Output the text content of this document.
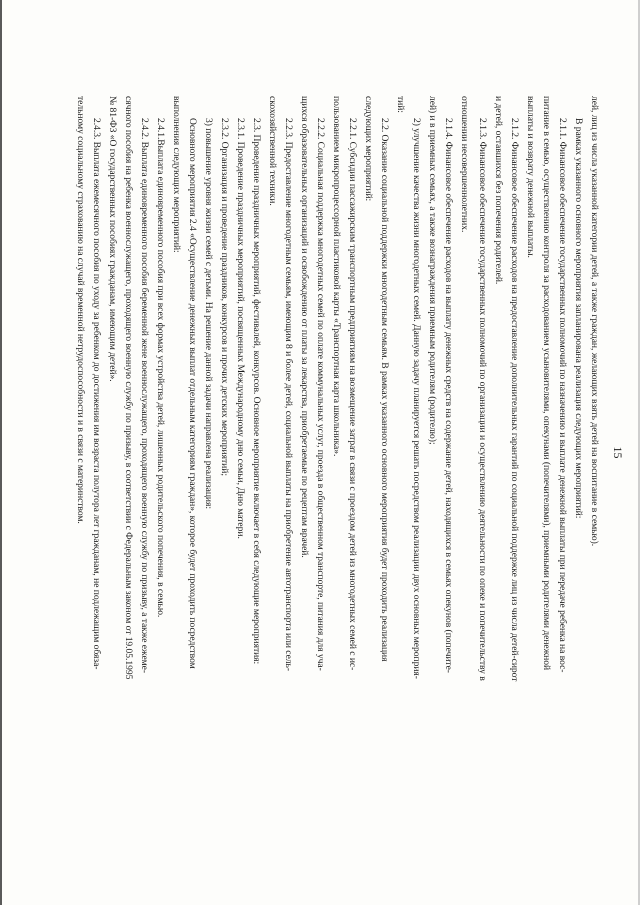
15
лей, лиц из числа указанной категории детей, а также граждан, желающих взять детей на воспитание в семью).
В рамках указанного основного мероприятия запланирована реализация следующих мероприятий:
2.1.1. Финансовое обеспечение государственных полномочий по назначению и выплате денежной выплаты при передаче ребенка на вос-
питание в семью, осуществлению контроля за расходованием усыновителями, опекунами (попечителями), приемными родителями денежной
выплаты и возврату денежной выплаты.
2.1.2. Финансовое обеспечение расходов на предоставление дополнительных гарантий по социальной поддержке лиц из числа детей-сирот
и детей, оставшихся без попечения родителей.
2.1.3. Финансовое обеспечение государственных полномочий по организации и осуществлению деятельности по опеке и попечительству в
отношении несовершеннолетних.
2.1.4. Финансовое обеспечение расходов на выплату денежных средств на содержание детей, находящихся в семьях опекунов (попечите-
лей) и в приемных семьях, а также вознаграждения приемным родителям (родителю);
2) улучшение качества жизни многодетных семей. Данную задачу планируется решать посредством реализации двух основных мероприя-
тий:
2.2. Оказание социальной поддержки многодетным семьям. В рамках указанного основного мероприятия будет проходить реализация
следующих мероприятий:
2.2.1. Субсидии пассажирским транспортным предприятиям на возмещение затрат в связи с проездом детей из многодетных семей с ис-
пользованием микропроцессорной пластиковой карты «Транспортная карта школьника».
2.2.2. Социальная поддержка многодетных семей по оплате коммунальных услуг, проезда в общественном транспорте, питания для уча-
щихся образовательных организаций и освобождению от платы за лекарства, приобретаемые по рецептам врачей.
2.2.3. Предоставление многодетным семьям, имеющим 8 и более детей, социальной выплаты на приобретение автотранспорта или сель-
скохозяйственной техники.
2.3. Проведение праздничных мероприятий, фестивалей, конкурсов. Основное мероприятие включает в себя следующие мероприятия:
2.3.1. Проведение праздничных мероприятий, посвященных Международному дню семьи, Дню матери.
2.3.2. Организация и проведение праздников, конкурсов и прочих детских мероприятий;
3) повышение уровня жизни семей с детьми. На решение данной задачи направлена реализация:
Основного мероприятия 2.4 «Осуществление денежных выплат отдельным категориям граждан», которое будет проходить посредством
выполнения следующих мероприятий:
2.4.1.Выплата единовременного пособия при всех формах устройства детей, лишенных родительского попечения, в семью.
2.4.2. Выплата единовременного пособия беременной жене военнослужащего, проходящего военную службу по призыву, а также ежеме-
сячного пособия на ребенка военнослужащего, проходящего военную службу по призыву, в соответствии с Федеральным законом от 19.05.1995
№ 81-ФЗ «О государственных пособиях гражданам, имеющим детей».
2.4.3. Выплата ежемесячного пособия по уходу за ребенком до достижения им возраста полутора лет гражданам, не подлежащим обяза-
тельному социальному страхованию на случай временной нетрудоспособности и в связи с материнством.
